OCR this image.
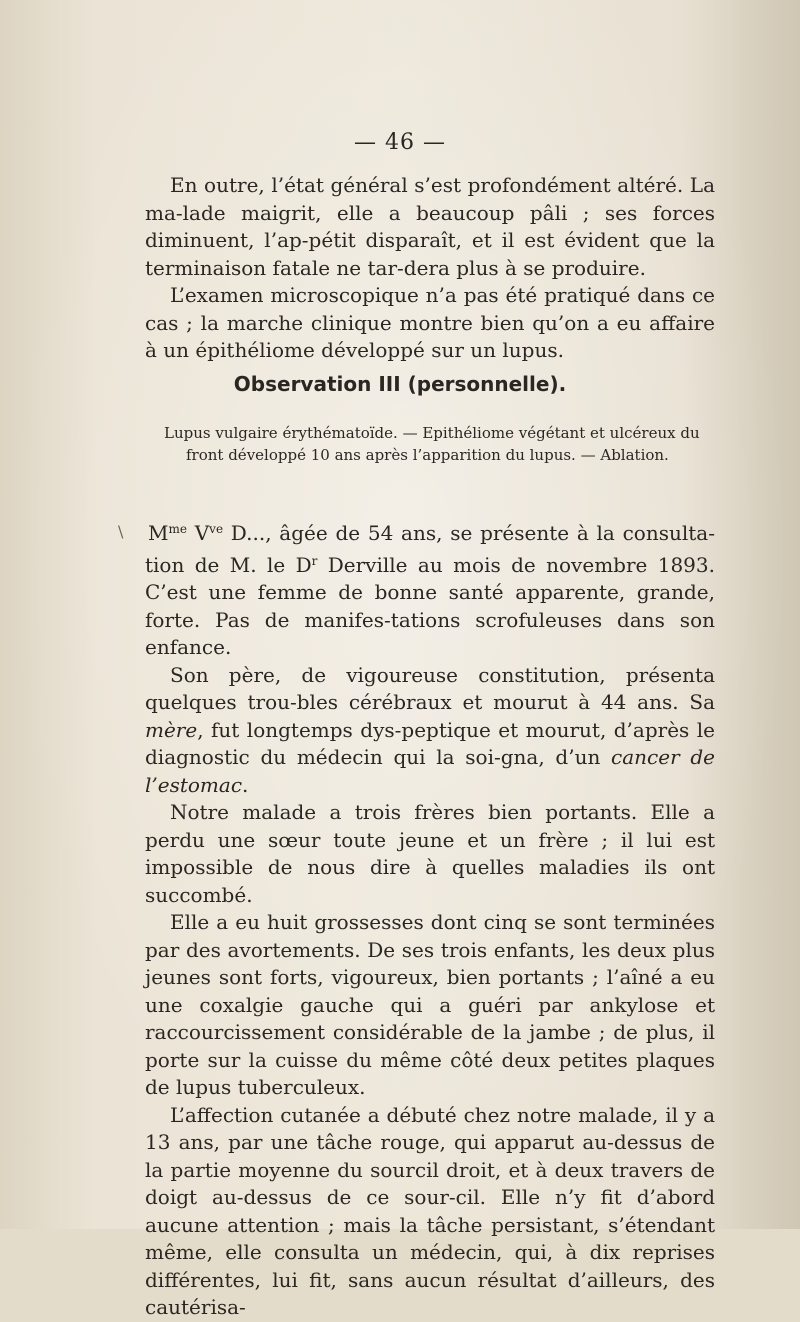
— 46 —

En outre, l’état général s’est profondément altéré. La ma-lade maigrit, elle a beaucoup pâli ; ses forces diminuent, l’ap-pétit disparaît, et il est évident que la terminaison fatale ne tar-dera plus à se produire.

L’examen microscopique n’a pas été pratiqué dans ce cas ; la marche clinique montre bien qu’on a eu affaire à un épithéliome développé sur un lupus.

Observation III (personnelle).

Lupus vulgaire érythématoïde. — Epithéliome végétant et ulcéreux du
front développé 10 ans après l’apparition du lupus. — Ablation.

\ $M^{me}$ $V^{ve}$ D..., âgée de 54 ans, se présente à la consulta-tion de M. le $D^r$ Derville au mois de novembre 1893. C’est une femme de bonne santé apparente, grande, forte. Pas de manifes-tations scrofuleuses dans son enfance.

Son père, de vigoureuse constitution, présenta quelques trou-bles cérébraux et mourut à 44 ans. Sa mère, fut longtemps dys-peptique et mourut, d’après le diagnostic du médecin qui la soi-gna, d’un cancer de l’estomac.

Notre malade a trois frères bien portants. Elle a perdu une sœur toute jeune et un frère ; il lui est impossible de nous dire à quelles maladies ils ont succombé.

Elle a eu huit grossesses dont cinq se sont terminées par des avortements. De ses trois enfants, les deux plus jeunes sont forts, vigoureux, bien portants ; l’aîné a eu une coxalgie gauche qui a guéri par ankylose et raccourcissement considérable de la jambe ; de plus, il porte sur la cuisse du même côté deux petites plaques de lupus tuberculeux.

L’affection cutanée a débuté chez notre malade, il y a 13 ans, par une tâche rouge, qui apparut au-dessus de la partie moyenne du sourcil droit, et à deux travers de doigt au-dessus de ce sour-cil. Elle n’y fit d’abord aucune attention ; mais la tâche persistant, s’étendant même, elle consulta un médecin, qui, à dix reprises différentes, lui fit, sans aucun résultat d’ailleurs, des cautérisa-
